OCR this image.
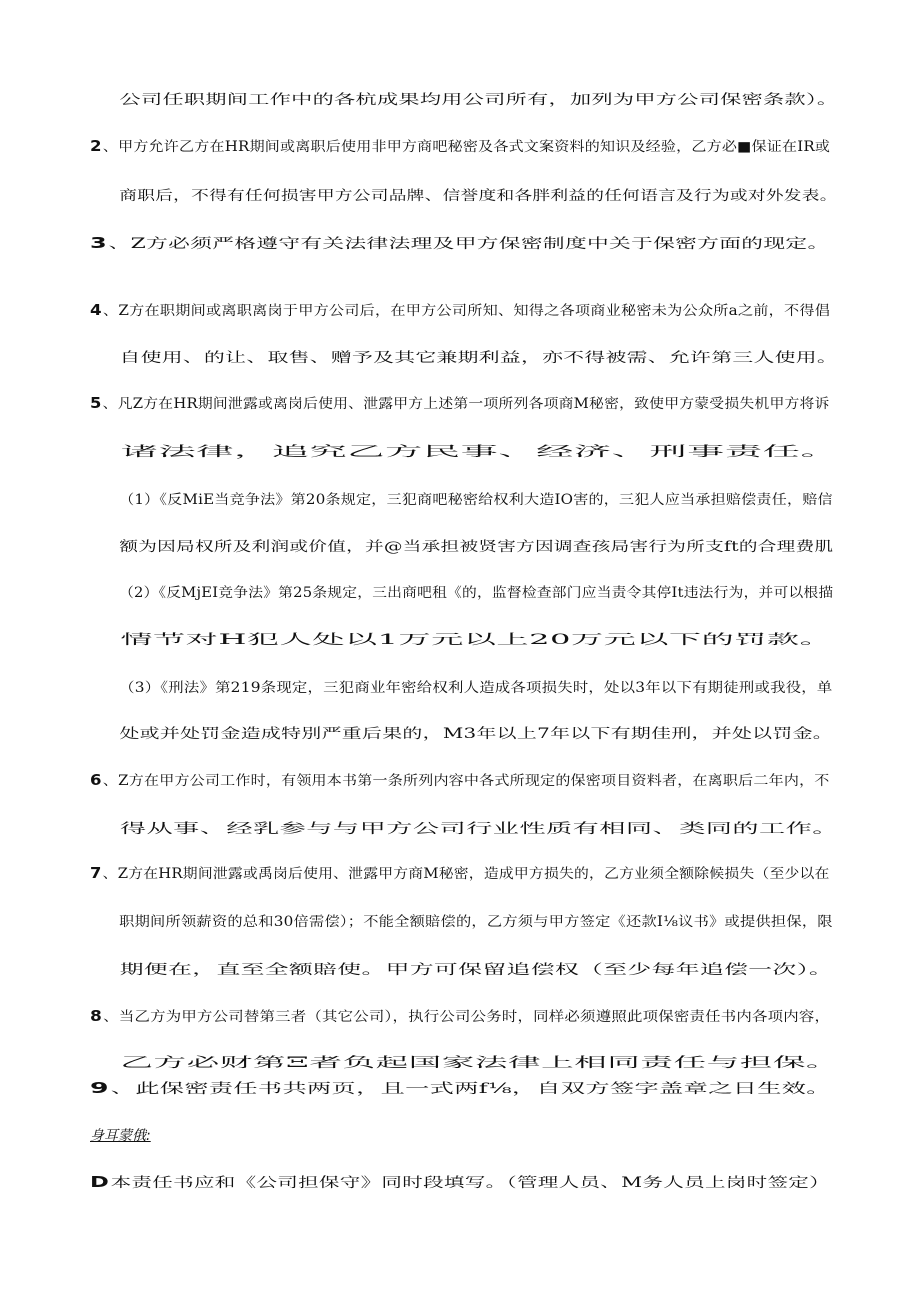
公司任职期间工作中的各杭成果均用公司所有，加列为甲方公司保密条款）。
2、甲方允许乙方在HR期间或离职后使用非甲方商吧秘密及各式文案资料的知识及经验，乙方必■保证在IR或
商职后，不得有任何损害甲方公司品牌、信誉度和各胖利益的任何语言及行为或对外发表。
3 、Z方必须严格遵守有关法律法理及甲方保密制度中关于保密方面的现定。
4、Z方在职期间或离职离岗于甲方公司后，在甲方公司所知、知得之各项商业秘密未为公众所a之前，不得倡
自使用、的让、取售、赠予及其它兼期利益，亦不得被需、允许第三人使用。
5、凡Z方在HR期间泄露或离岗后使用、泄露甲方上述第一项所列各项商M秘密，致使甲方蒙受损失机甲方将诉
诸法律，追究乙方民事、经济、刑事责任。
（1）《反MiE当竞争法》第20条规定，三犯商吧秘密给权利大造IO害的，三犯人应当承担赔偿责任，赔信
额为因局权所及利润或价值，并@当承担被贤害方因调查孩局害行为所支ft的合理费肌
（2）《反MjEI竞争法》第25条规定，三出商吧租《的，监督检查部门应当责令其停It违法行为，并可以根描
情节对H犯人处以1万元以上20万元以下的罚款。
（3）《刑法》第219条现定，三犯商业年密给权利人造成各项损失时，处以3年以下有期徒刑或我役，单
处或并处罚金造成特別严重后果的，M3年以上7年以下有期佳刑，并处以罚金。
6、Z方在甲方公司工作时，有领用本书第一条所列内容中各式所现定的保密项目资料者，在离职后二年内，不
得从事、经乳参与与甲方公司行业性质有相同、类同的工作。
7、Z方在HR期间泄露或禹岗后使用、泄露甲方商M秘密，造成甲方损失的，乙方业须全额除候损失（至少以在
职期间所领薪资的总和30倍需偿）；不能全额賠偿的，乙方须与甲方签定《还款I⅛议书》或提供担保，限
期便在，直至全额賠使。甲方可保留追偿权（至少每年追偿一次）。
8、当乙方为甲方公司替第三者（其它公司），执行公司公务时，同样必须遵照此项保密责任书内各项内容，
乙方必财第Ξ者负起国家法律上相同责任与担保。
9 、此保密责任书共两页，且一式两f⅛，自双方签字盖章之日生效。
身耳蒙俄:
D 本责任书应和《公司担保守》同时段填写。（管理人员、M务人员上岗时签定）
